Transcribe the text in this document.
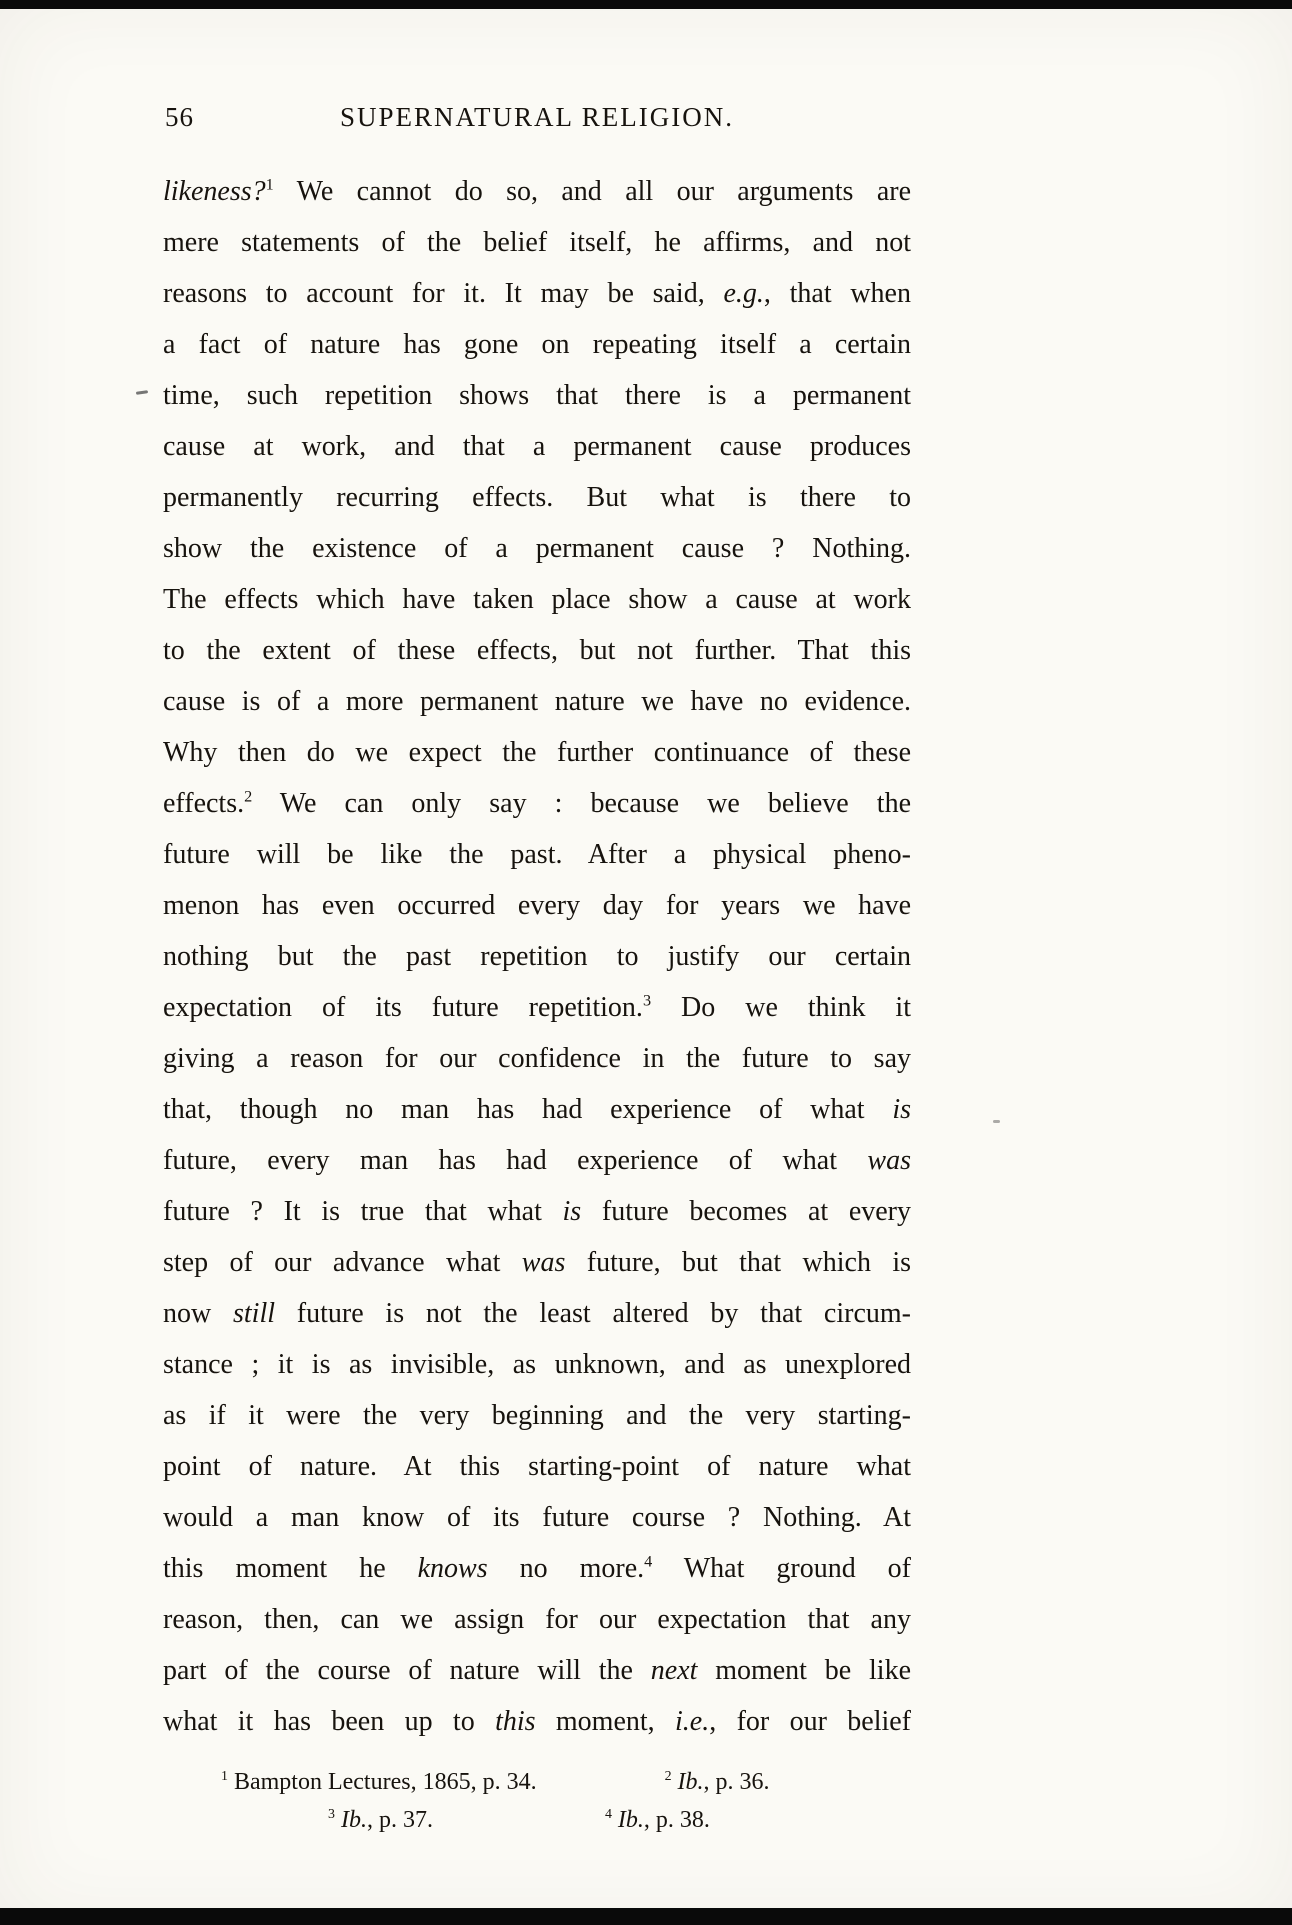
56	SUPERNATURAL RELIGION.
likeness?$^1$ We cannot do so, and all our arguments are
mere statements of the belief itself, he affirms, and not
reasons to account for it. It may be said, e.g., that when
a fact of nature has gone on repeating itself a certain
time, such repetition shows that there is a permanent
cause at work, and that a permanent cause produces
permanently recurring effects. But what is there to
show the existence of a permanent cause ? Nothing.
The effects which have taken place show a cause at work
to the extent of these effects, but not further. That this
cause is of a more permanent nature we have no evidence.
Why then do we expect the further continuance of these
effects.$^2$ We can only say : because we believe the
future will be like the past. After a physical pheno-
menon has even occurred every day for years we have
nothing but the past repetition to justify our certain
expectation of its future repetition.$^3$ Do we think it
giving a reason for our confidence in the future to say
that, though no man has had experience of what is
future, every man has had experience of what was
future ? It is true that what is future becomes at every
step of our advance what was future, but that which is
now still future is not the least altered by that circum-
stance ; it is as invisible, as unknown, and as unexplored
as if it were the very beginning and the very starting-
point of nature. At this starting-point of nature what
would a man know of its future course ? Nothing. At
this moment he knows no more.$^4$ What ground of
reason, then, can we assign for our expectation that any
part of the course of nature will the next moment be like
what it has been up to this moment, i.e., for our belief
$^1$ Bampton Lectures, 1865, p. 34.	$^2$ Ib., p. 36.
$^3$ Ib., p. 37.	$^4$ Ib., p. 38.
